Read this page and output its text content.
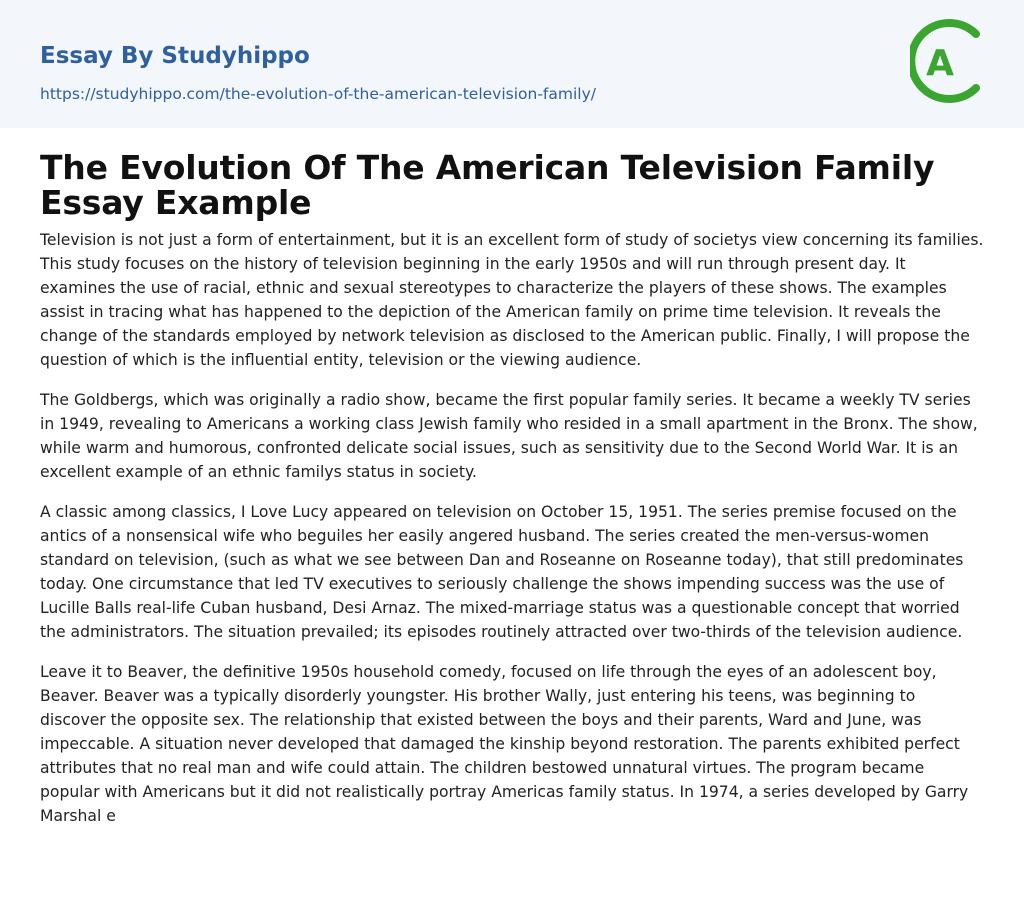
Essay By Studyhippo
https://studyhippo.com/the-evolution-of-the-american-television-family/
A
The Evolution Of The American Television Family Essay Example

Television is not just a form of entertainment, but it is an excellent form of study of societys view concerning its families. This study focuses on the history of television beginning in the early 1950s and will run through present day. It examines the use of racial, ethnic and sexual stereotypes to characterize the players of these shows. The examples assist in tracing what has happened to the depiction of the American family on prime time television. It reveals the change of the standards employed by network television as disclosed to the American public. Finally, I will propose the question of which is the influential entity, television or the viewing audience.

The Goldbergs, which was originally a radio show, became the first popular family series. It became a weekly TV series in 1949, revealing to Americans a working class Jewish family who resided in a small apartment in the Bronx. The show, while warm and humorous, confronted delicate social issues, such as sensitivity due to the Second World War. It is an excellent example of an ethnic familys status in society.

A classic among classics, I Love Lucy appeared on television on October 15, 1951. The series premise focused on the antics of a nonsensical wife who beguiles her easily angered husband. The series created the men-versus-women standard on television, (such as what we see between Dan and Roseanne on Roseanne today), that still predominates today. One circumstance that led TV executives to seriously challenge the shows impending success was the use of Lucille Balls real-life Cuban husband, Desi Arnaz. The mixed-marriage status was a questionable concept that worried the administrators. The situation prevailed; its episodes routinely attracted over two-thirds of the television audience.

Leave it to Beaver, the definitive 1950s household comedy, focused on life through the eyes of an adolescent boy, Beaver. Beaver was a typically disorderly youngster. His brother Wally, just entering his teens, was beginning to discover the opposite sex. The relationship that existed between the boys and their parents, Ward and June, was impeccable. A situation never developed that damaged the kinship beyond restoration. The parents exhibited perfect attributes that no real man and wife could attain. The children bestowed unnatural virtues. The program became popular with Americans but it did not realistically portray Americas family status. In 1974, a series developed by Garry Marshal e
